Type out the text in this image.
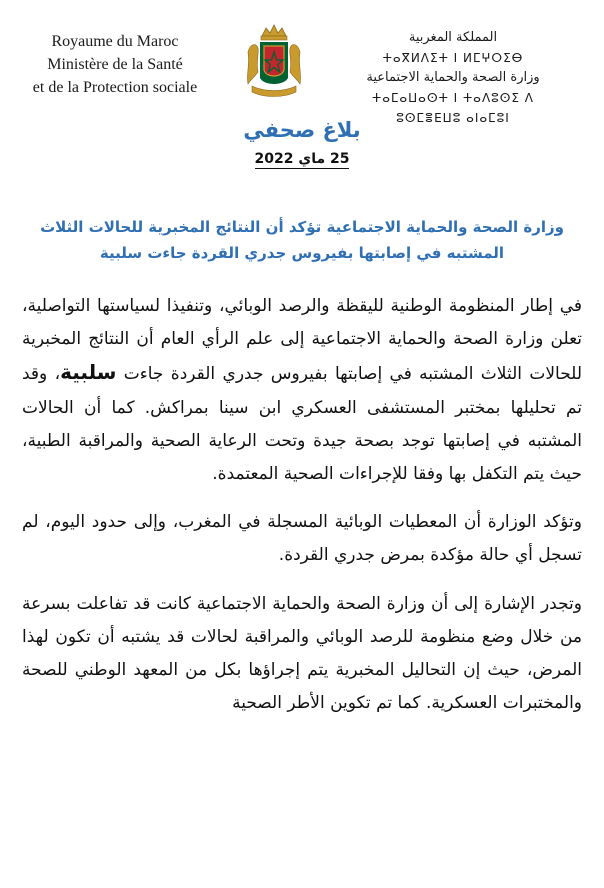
Royaume du Maroc
Ministère de la Santé
et de la Protection sociale
المملكة المغربية
ⵜⴰⴳⵍⴷⵉⵜ ⵏ ⵍⵎⵖⵔⵉⴱ
وزارة الصحة والحماية الاجتماعية
ⵜⴰⵎⴰⵡⴰⵙⵜ ⵏ ⵜⴰⴷⵓⵙⵉ ⴷ ⵓⵙⵎⴻⴹⵡⵓ ⴰⵏⴰⵎⵓⵏ
بلاغ صحفي
25 ماي 2022
وزارة الصحة والحماية الاجتماعية تؤكد أن النتائج المخبرية للحالات الثلاث
المشتبه في إصابتها بفيروس جدري القردة جاءت سلبية

في إطار المنظومة الوطنية لليقظة والرصد الوبائي، وتنفيذا لسياستها التواصلية، تعلن وزارة الصحة والحماية الاجتماعية إلى علم الرأي العام أن النتائج المخبرية للحالات الثلاث المشتبه في إصابتها بفيروس جدري القردة جاءت سلبية، وقد تم تحليلها بمختبر المستشفى العسكري ابن سينا بمراكش. كما أن الحالات المشتبه في إصابتها توجد بصحة جيدة وتحت الرعاية الصحية والمراقبة الطبية، حيث يتم التكفل بها وفقا للإجراءات الصحية المعتمدة.

وتؤكد الوزارة أن المعطيات الوبائية المسجلة في المغرب، وإلى حدود اليوم، لم تسجل أي حالة مؤكدة بمرض جدري القردة.

وتجدر الإشارة إلى أن وزارة الصحة والحماية الاجتماعية كانت قد تفاعلت بسرعة من خلال وضع منظومة للرصد الوبائي والمراقبة لحالات قد يشتبه أن تكون لهذا المرض، حيث إن التحاليل المخبرية يتم إجراؤها بكل من المعهد الوطني للصحة والمختبرات العسكرية. كما تم تكوين الأطر الصحية
